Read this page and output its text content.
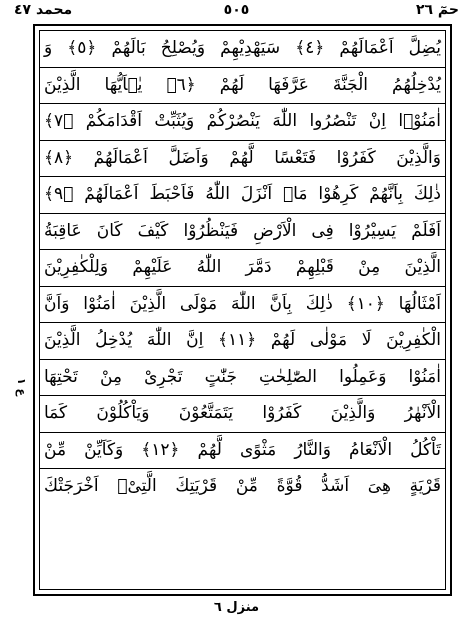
محمد ٤٧	٥٠٥	حمٓ ٢٦
ع ١
يُضِلَّ اَعْمَالَهُمْ ﴿٤﴾ سَيَهْدِيْهِمْ وَيُصْلِحُ بَالَهُمْ ﴿٥﴾ وَ
يُدْخِلُهُمُ الْجَنَّةَ عَرَّفَهَا لَهُمْ ﴿٦﴾ يٰۤاَيُّهَا الَّذِيْنَ
اٰمَنُوْۤا اِنْ تَنْصُرُوا اللّٰهَ يَنْصُرْكُمْ وَيُثَبِّتْ اَقْدَامَكُمْ ﴿٧﴾
وَالَّذِيْنَ كَفَرُوْا فَتَعْسًا لَّهُمْ وَاَضَلَّ اَعْمَالَهُمْ ﴿٨﴾
ذٰلِكَ بِاَنَّهُمْ كَرِهُوْا مَاۤ اَنْزَلَ اللّٰهُ فَاَحْبَطَ اَعْمَالَهُمْ ﴿٩﴾
اَفَلَمْ يَسِيْرُوْا فِى الْاَرْضِ فَيَنْظُرُوْا كَيْفَ كَانَ عَاقِبَةُ
الَّذِيْنَ مِنْ قَبْلِهِمْ دَمَّرَ اللّٰهُ عَلَيْهِمْ وَلِلْكٰفِرِيْنَ
اَمْثَالُهَا ﴿١٠﴾ ذٰلِكَ بِاَنَّ اللّٰهَ مَوْلَى الَّذِيْنَ اٰمَنُوْا وَاَنَّ
الْكٰفِرِيْنَ لَا مَوْلٰى لَهُمْ ﴿١١﴾ اِنَّ اللّٰهَ يُدْخِلُ الَّذِيْنَ
اٰمَنُوْا وَعَمِلُوا الصّٰلِحٰتِ جَنّٰتٍ تَجْرِىْ مِنْ تَحْتِهَا
الْاَنْهٰرُ وَالَّذِيْنَ كَفَرُوْا يَتَمَتَّعُوْنَ وَيَاْكُلُوْنَ كَمَا
تَاْكُلُ الْاَنْعَامُ وَالنَّارُ مَثْوًى لَّهُمْ ﴿١٢﴾ وَكَاَيِّنْ مِّنْ
قَرْيَةٍ هِىَ اَشَدُّ قُوَّةً مِّنْ قَرْيَتِكَ الَّتِىْۤ اَخْرَجَتْكَ
منزل ٦
